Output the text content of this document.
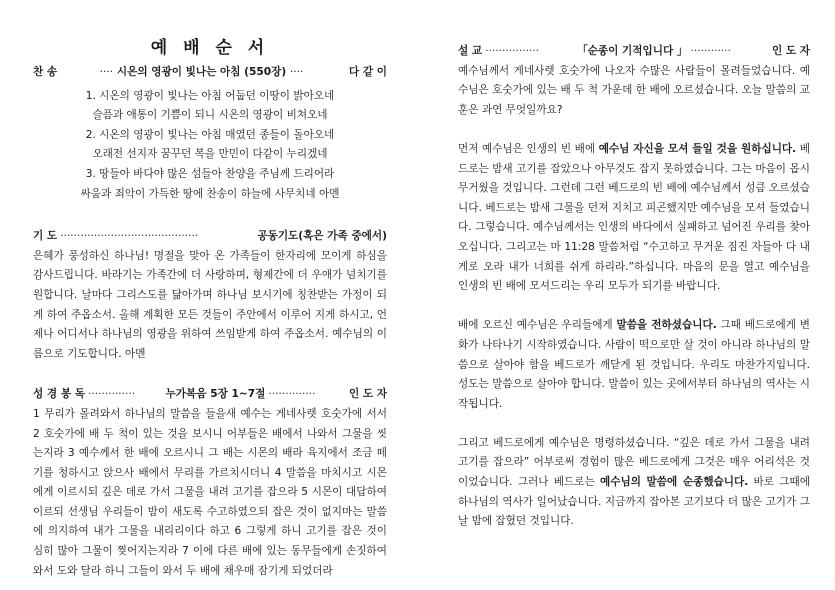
예 배 순 서
찬 송	···· 시온의 영광이 빛나는 아침 (550장) ····	다 같 이
1. 시온의 영광이 빛나는 아침 어둡던 이땅이 밝아오네
슬픔과 애통이 기쁨이 되니 시온의 영광이 비쳐오네
2. 시온의 영광이 빛나는 아침 매였던 종들이 돌아오네
오래전 선지자 꿈꾸던 복을 만민이 다같이 누리겠네
3. 땅들아 바다야 많은 섬들아 찬양을 주님께 드리어라
싸움과 죄악이 가득한 땅에 찬송이 하늘에 사무치네 아멘
기 도 ·········································	공동기도(혹은 가족 중에서)
은혜가 풍성하신 하나님! 명절을 맞아 온 가족들이 한자리에 모이게 하심을 감사드립니다. 바라기는 가족간에 더 사랑하며, 형제간에 더 우애가 넘치기를 원합니다. 날마다 그리스도를 닮아가며 하나님 보시기에 칭찬받는 가정이 되게 하여 주옵소서. 올해 계획한 모든 것들이 주안에서 이루어 지게 하시고, 언제나 어디서나 하나님의 영광을 위하여 쓰임받게 하여 주옵소서. 예수님의 이름으로 기도합니다. 아멘
성 경 봉 독 ··············	누가복음 5장 1~7절 ··············	인 도 자
1 무리가 몰려와서 하나님의 말씀을 들을새 예수는 게네사렛 호숫가에 서서 2 호숫가에 배 두 척이 있는 것을 보시니 어부들은 배에서 나와서 그물을 씻는지라 3 예수께서 한 배에 오르시니 그 배는 시몬의 배라 육지에서 조금 떼기를 청하시고 앉으사 배에서 무리를 가르치시더니 4 말씀을 마치시고 시몬에게 이르시되 깊은 데로 가서 그물을 내려 고기를 잡으라 5 시몬이 대답하여 이르되 선생님 우리들이 밤이 새도록 수고하였으되 잡은 것이 없지마는 말씀에 의지하여 내가 그물을 내리리이다 하고 6 그렇게 하니 고기를 잡은 것이 심히 많아 그물이 찢어지는지라 7 이에 다른 배에 있는 동무들에게 손짓하여 와서 도와 달라 하니 그들이 와서 두 배에 채우매 잠기게 되었더라
설 교 ················	「순종이 기적입니다 」 ············	인 도 자
예수님께서 게네사렛 호숫가에 나오자 수많은 사람들이 몰려들었습니다. 예수님은 호숫가에 있는 배 두 척 가운데 한 배에 오르셨습니다. 오늘 말씀의 교훈은 과연 무엇일까요?
먼저 예수님은 인생의 빈 배에 예수님 자신을 모셔 들일 것을 원하십니다. 베드로는 밤새 고기를 잡았으나 아무것도 잡지 못하였습니다. 그는 마음이 몹시 무거웠을 것입니다. 그런데 그런 베드로의 빈 배에 예수님께서 성큼 오르셨습니다. 베드로는 밤새 그물을 던져 지치고 피곤했지만 예수님을 모셔 들였습니다. 그렇습니다. 예수님께서는 인생의 바다에서 실패하고 넘어진 우리를 찾아오십니다. 그리고는 마 11:28 말씀처럼 “수고하고 무거운 짐진 자들아 다 내게로 오라 내가 너희를 쉬게 하리라.”하십니다. 마음의 문을 열고 예수님을 인생의 빈 배에 모셔드리는 우리 모두가 되기를 바랍니다.
배에 오르신 예수님은 우리들에게 말씀을 전하셨습니다. 그때 베드로에게 변화가 나타나기 시작하였습니다. 사람이 떡으로만 살 것이 아니라 하나님의 말씀으로 살아야 함을 베드로가 깨닫게 된 것입니다. 우리도 마찬가지입니다. 성도는 말씀으로 살아야 합니다. 말씀이 있는 곳에서부터 하나님의 역사는 시작됩니다.
그리고 베드로에게 예수님은 명령하셨습니다. “깊은 데로 가서 그물을 내려 고기를 잡으라” 어부로써 경험이 많은 베드로에게 그것은 매우 어리석은 것이었습니다. 그러나 베드로는 예수님의 말씀에 순종했습니다. 바로 그때에 하나님의 역사가 일어났습니다. 지금까지 잡아본 고기보다 더 많은 고기가 그날 밤에 잡혔던 것입니다.
